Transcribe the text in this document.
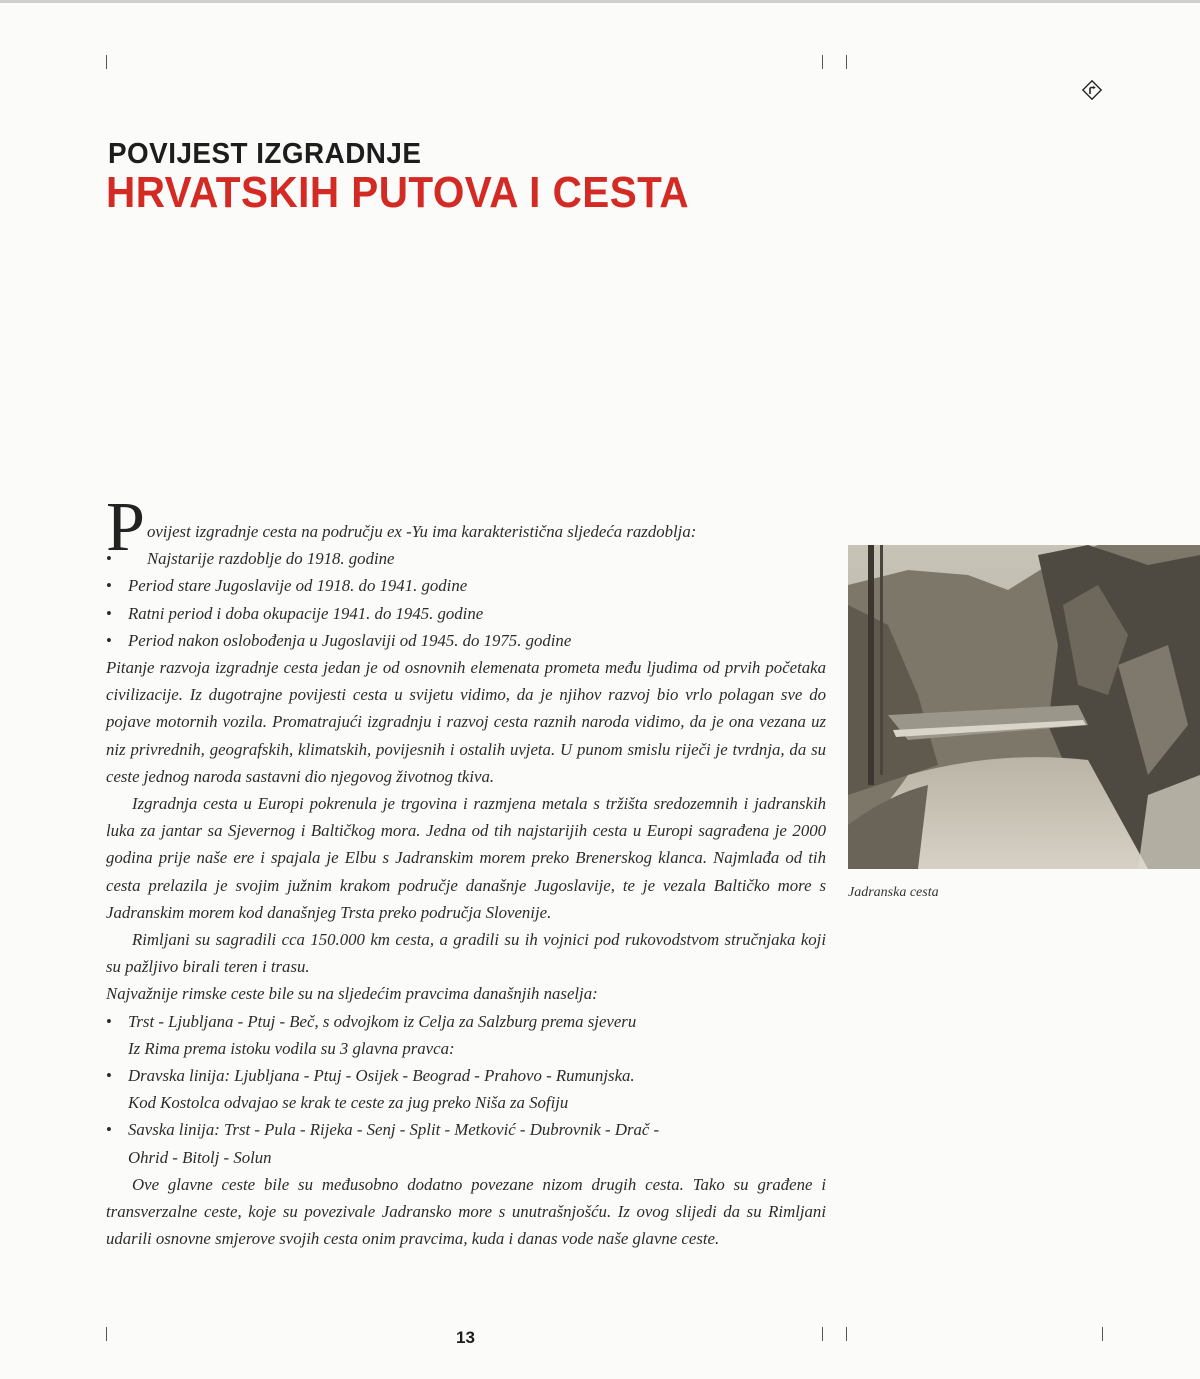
POVIJEST IZGRADNJE
HRVATSKIH PUTOVA I CESTA

P ovijest izgradnje cesta na području ex -Yu ima karakteristična sljedeća razdoblja:

• Najstarije razdoblje do 1918. godine

• Period stare Jugoslavije od 1918. do 1941. godine

• Ratni period i doba okupacije 1941. do 1945. godine

• Period nakon oslobođenja u Jugoslaviji od 1945. do 1975. godine

Pitanje razvoja izgradnje cesta jedan je od osnovnih elemenata prometa među ljudima od prvih početaka civilizacije. Iz dugotrajne povijesti cesta u svijetu vidimo, da je njihov razvoj bio vrlo polagan sve do pojave motornih vozila. Promatrajući izgradnju i razvoj cesta raznih naroda vidimo, da je ona vezana uz niz privrednih, geografskih, klimatskih, povijesnih i ostalih uvjeta. U punom smislu riječi je tvrdnja, da su ceste jednog naroda sastavni dio njegovog životnog tkiva.

Izgradnja cesta u Europi pokrenula je trgovina i razmjena metala s tržišta sredozemnih i jadranskih luka za jantar sa Sjevernog i Baltičkog mora. Jedna od tih najstarijih cesta u Europi sagrađena je 2000 godina prije naše ere i spajala je Elbu s Jadranskim morem preko Brenerskog klanca. Najmlađa od tih cesta prelazila je svojim južnim krakom područje današnje Jugoslavije, te je vezala Baltičko more s Jadranskim morem kod današnjeg Trsta preko područja Slovenije.

Rimljani su sagradili cca 150.000 km cesta, a gradili su ih vojnici pod rukovodstvom stručnjaka koji su pažljivo birali teren i trasu.

Najvažnije rimske ceste bile su na sljedećim pravcima današnjih naselja:

• Trst - Ljubljana - Ptuj - Beč, s odvojkom iz Celja za Salzburg prema sjeveru

Iz Rima prema istoku vodila su 3 glavna pravca:

• Dravska linija: Ljubljana - Ptuj - Osijek - Beograd - Prahovo - Rumunjska.

Kod Kostolca odvajao se krak te ceste za jug preko Niša za Sofiju

• Savska linija: Trst - Pula - Rijeka - Senj - Split - Metković - Dubrovnik - Drač -

Ohrid - Bitolj - Solun

Ove glavne ceste bile su međusobno dodatno povezane nizom drugih cesta. Tako su građene i transverzalne ceste, koje su povezivale Jadransko more s unutrašnjošću. Iz ovog slijedi da su Rimljani udarili osnovne smjerove svojih cesta onim pravcima, kuda i danas vode naše glavne ceste.

Jadranska cesta
13
